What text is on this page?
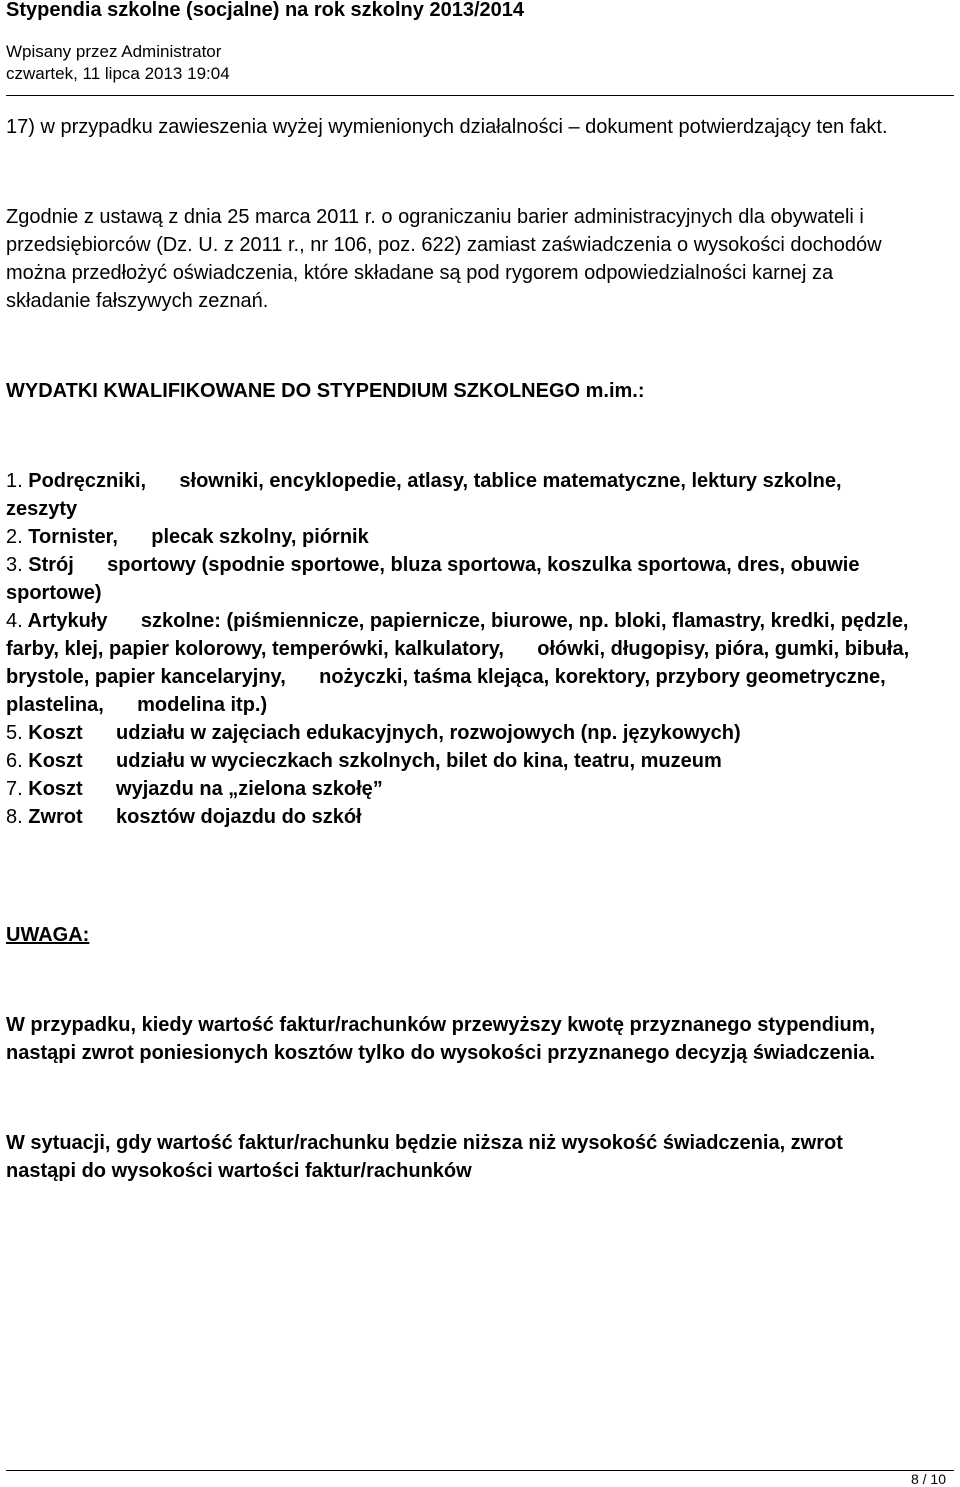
Stypendia szkolne (socjalne) na rok szkolny 2013/2014
Wpisany przez Administrator
czwartek, 11 lipca 2013 19:04

17) w przypadku zawieszenia wyżej wymienionych działalności – dokument potwierdzający ten fakt.

Zgodnie z ustawą z dnia 25 marca 2011 r. o ograniczaniu barier administracyjnych dla obywateli i przedsiębiorców (Dz. U. z 2011 r., nr 106, poz. 622) zamiast zaświadczenia o wysokości dochodów można przedłożyć oświadczenia, które składane są pod rygorem odpowiedzialności karnej za składanie fałszywych zeznań.

WYDATKI KWALIFIKOWANE DO STYPENDIUM SZKOLNEGO m.im.:

1. Podręczniki,      słowniki, encyklopedie, atlasy, tablice matematyczne, lektury szkolne,      zeszyty
2. Tornister,      plecak szkolny, piórnik
3. Strój      sportowy (spodnie sportowe, bluza sportowa, koszulka sportowa, dres, obuwie sportowe)
4. Artykuły      szkolne: (piśmiennicze, papiernicze, biurowe, np. bloki, flamastry, kredki, pędzle, farby, klej, papier kolorowy, temperówki, kalkulatory,      ołówki, długopisy, pióra, gumki, bibuła, brystole, papier kancelaryjny,      nożyczki, taśma klejąca, korektory, przybory geometryczne, plastelina,      modelina itp.)
5. Koszt      udziału w zajęciach edukacyjnych, rozwojowych (np. językowych)
6. Koszt      udziału w wycieczkach szkolnych, bilet do kina, teatru, muzeum
7. Koszt      wyjazdu na „zielona szkołę”
8. Zwrot      kosztów dojazdu do szkół

UWAGA:

W przypadku, kiedy wartość faktur/rachunków przewyższy kwotę przyznanego stypendium, nastąpi zwrot poniesionych kosztów tylko do wysokości przyznanego decyzją świadczenia.

W sytuacji, gdy wartość faktur/rachunku będzie niższa niż wysokość świadczenia, zwrot nastąpi do wysokości wartości faktur/rachunków

8 / 10
